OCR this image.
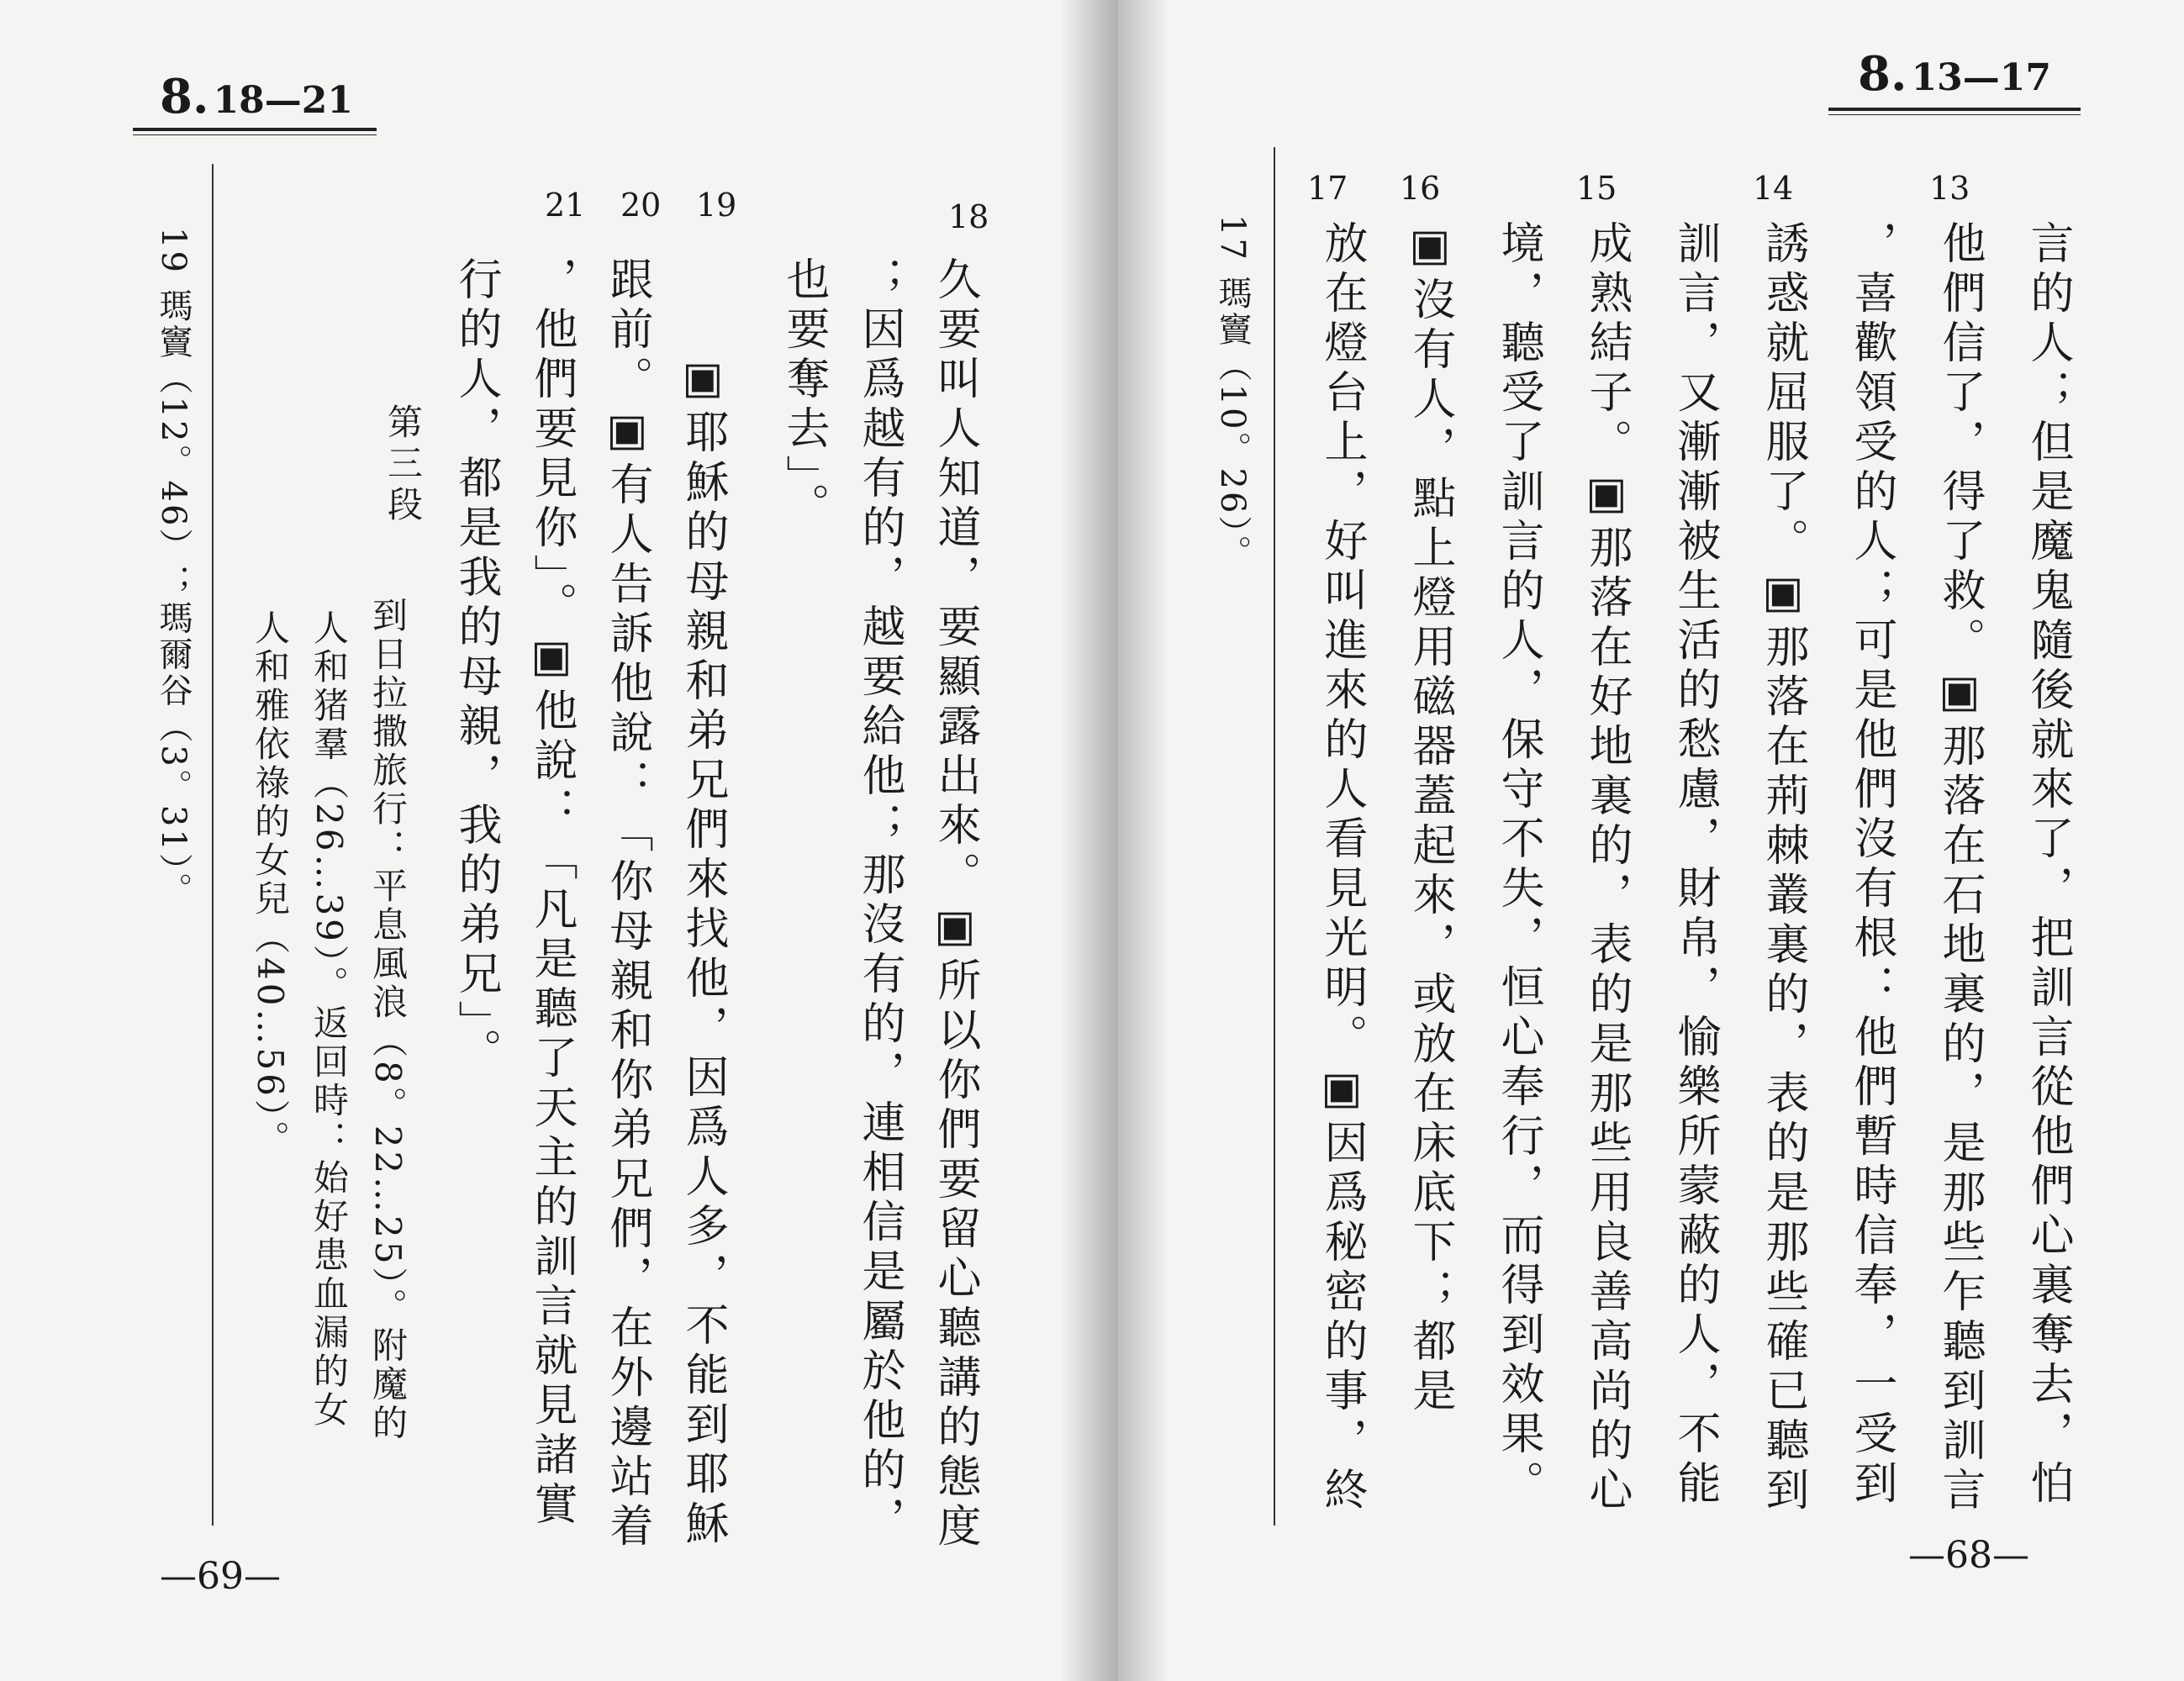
8. 18—21
21 20 19	18
久要叫人知道，要顯露出來。▣所以你們要留心聽講的態度
；因爲越有的，越要給他；那沒有的，連相信是屬於他的，
也要奪去」。
▣耶穌的母親和弟兄們來找他，因爲人多，不能到耶穌
跟前。▣有人告訴他說：「你母親和你弟兄們，在外邊站着
，他們要見你」。▣他說：「凡是聽了天主的訓言就見諸實
行的人，都是我的母親，我的弟兄」。
第三段
到日拉撒旅行：平息風浪（8。22…25）。附魔的
人和猪羣（26…39）。返回時：始好患血漏的女
人和雅依祿的女兒（40…56）。
19 瑪竇（12。46）；瑪爾谷（3。31）。
—69—
8. 13—17
17 16	15	14	13
言的人；但是魔鬼隨後就來了，把訓言從他們心裏奪去，怕
他們信了，得了救。▣那落在石地裏的，是那些乍聽到訓言
，喜歡領受的人；可是他們沒有根：他們暫時信奉，一受到
誘惑就屈服了。▣那落在荊棘叢裏的，表的是那些確已聽到
訓言，又漸漸被生活的愁慮，財帛，愉樂所蒙蔽的人，不能
成熟結子。▣那落在好地裏的，表的是那些用良善高尚的心
境，聽受了訓言的人，保守不失，恒心奉行，而得到效果。
▣沒有人，點上燈用磁器蓋起來，或放在床底下；都是
放在燈台上，好叫進來的人看見光明。▣因爲秘密的事，終
17 瑪竇（10。26）。
—68—
